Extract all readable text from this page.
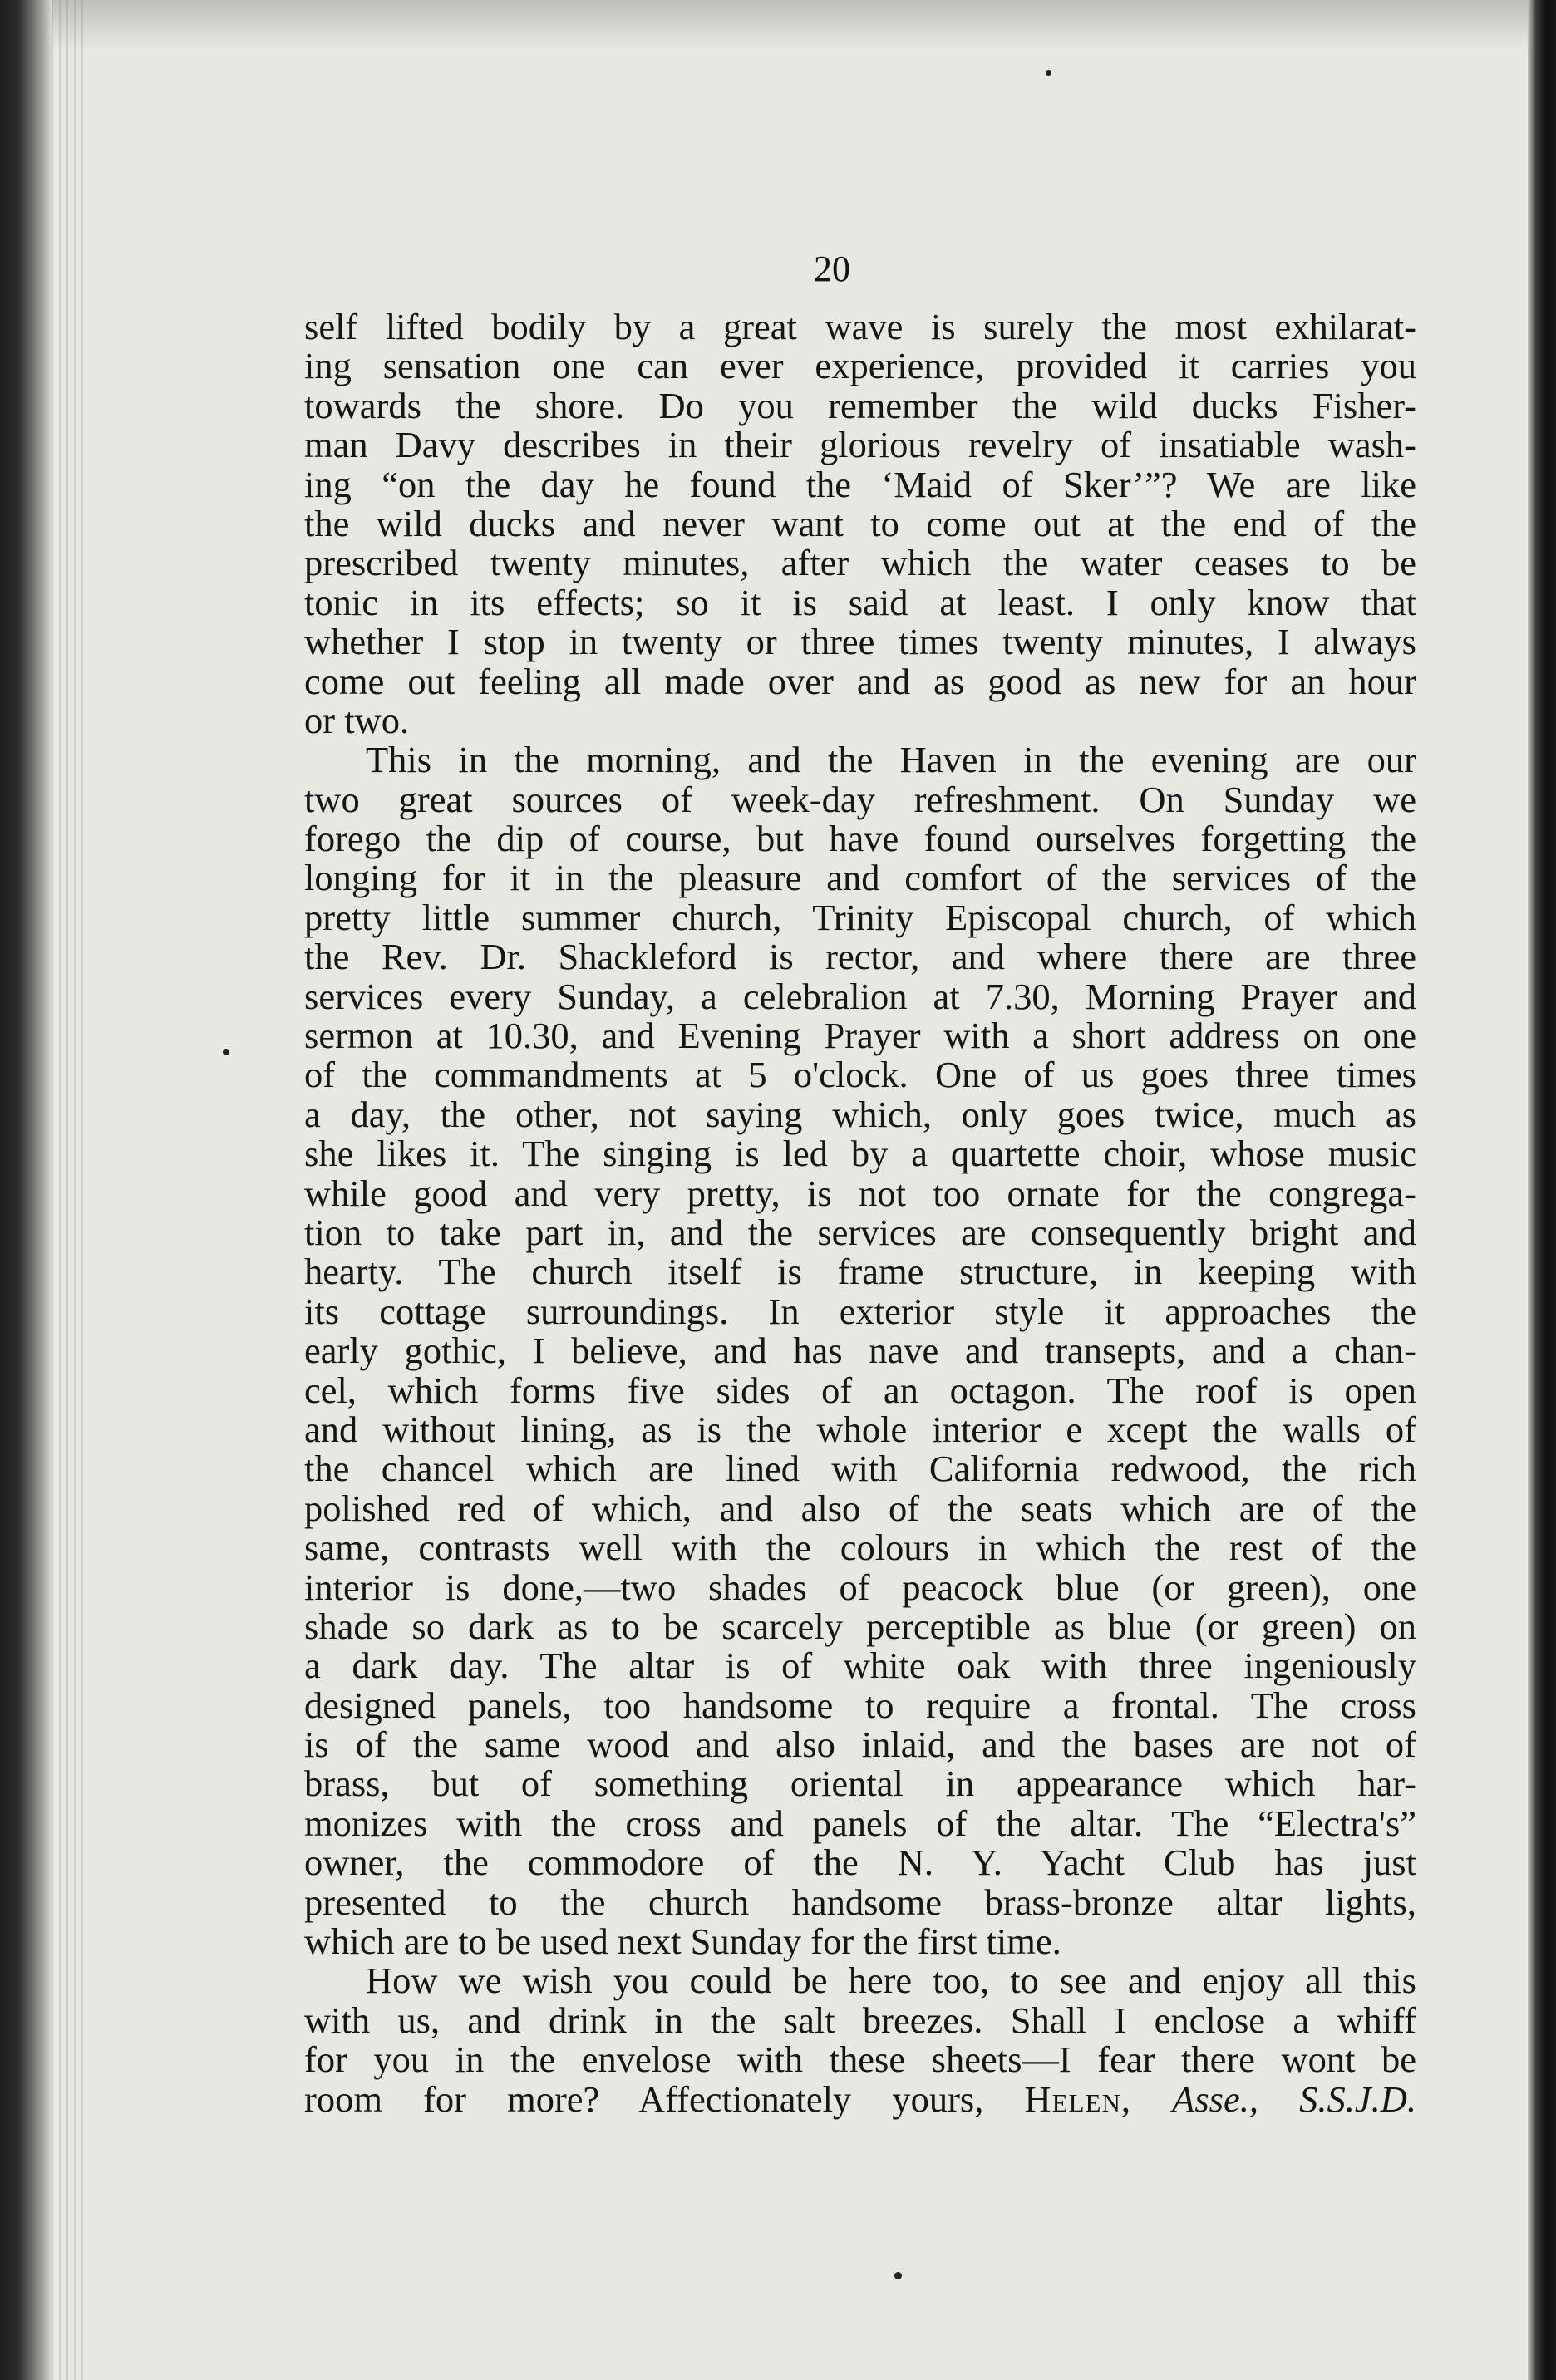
20

self lifted bodily by a great wave is surely the most exhilarat-
ing sensation one can ever experience, provided it carries you
towards the shore. Do you remember the wild ducks Fisher-
man Davy describes in their glorious revelry of insatiable wash-
ing “on the day he found the ‘Maid of Sker’”? We are like
the wild ducks and never want to come out at the end of the
prescribed twenty minutes, after which the water ceases to be
tonic in its effects; so it is said at least. I only know that
whether I stop in twenty or three times twenty minutes, I always
come out feeling all made over and as good as new for an hour
or two.
This in the morning, and the Haven in the evening are our
two great sources of week-day refreshment. On Sunday we
forego the dip of course, but have found ourselves forgetting the
longing for it in the pleasure and comfort of the services of the
pretty little summer church, Trinity Episcopal church, of which
the Rev. Dr. Shackleford is rector, and where there are three
services every Sunday, a celebralion at 7.30, Morning Prayer and
sermon at 10.30, and Evening Prayer with a short address on one
of the commandments at 5 o'clock. One of us goes three times
a day, the other, not saying which, only goes twice, much as
she likes it. The singing is led by a quartette choir, whose music
while good and very pretty, is not too ornate for the congrega-
tion to take part in, and the services are consequently bright and
hearty. The church itself is frame structure, in keeping with
its cottage surroundings. In exterior style it approaches the
early gothic, I believe, and has nave and transepts, and a chan-
cel, which forms five sides of an octagon. The roof is open
and without lining, as is the whole interior e xcept the walls of
the chancel which are lined with California redwood, the rich
polished red of which, and also of the seats which are of the
same, contrasts well with the colours in which the rest of the
interior is done,—two shades of peacock blue (or green), one
shade so dark as to be scarcely perceptible as blue (or green) on
a dark day. The altar is of white oak with three ingeniously
designed panels, too handsome to require a frontal. The cross
is of the same wood and also inlaid, and the bases are not of
brass, but of something oriental in appearance which har-
monizes with the cross and panels of the altar. The “Electra's”
owner, the commodore of the N. Y. Yacht Club has just
presented to the church handsome brass-bronze altar lights,
which are to be used next Sunday for the first time.
How we wish you could be here too, to see and enjoy all this
with us, and drink in the salt breezes. Shall I enclose a whiff
for you in the envelose with these sheets—I fear there wont be
room for more? Affectionately yours, Helen, Asse., S.S.J.D.
